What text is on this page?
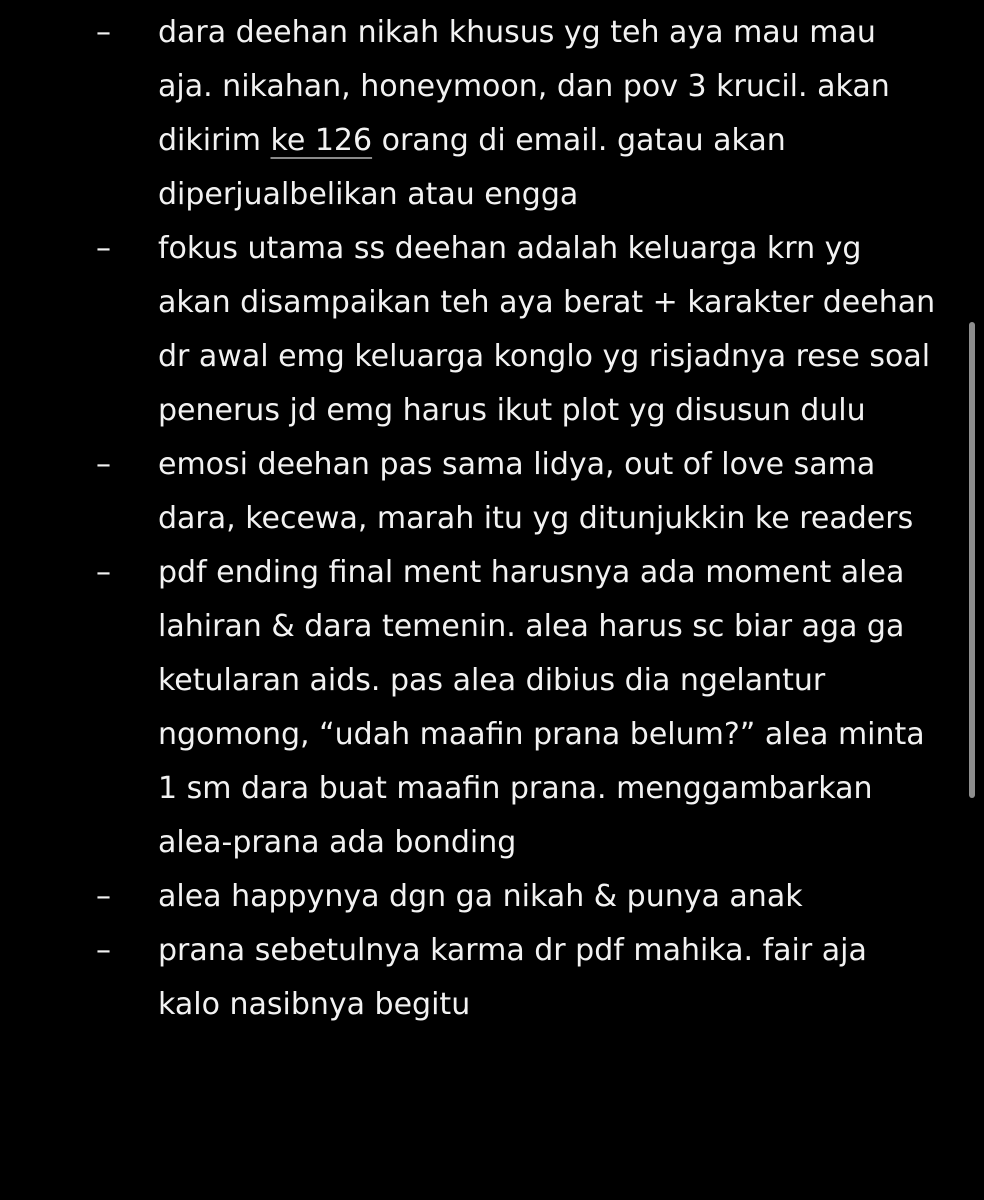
–	dara deehan nikah khusus yg teh aya mau mau aja. nikahan, honeymoon, dan pov 3 krucil. akan dikirim ke 126 orang di email. gatau akan diperjualbelikan atau engga
–	fokus utama ss deehan adalah keluarga krn yg akan disampaikan teh aya berat + karakter deehan dr awal emg keluarga konglo yg risjadnya rese soal penerus jd emg harus ikut plot yg disusun dulu
–	emosi deehan pas sama lidya, out of love sama dara, kecewa, marah itu yg ditunjukkin ke readers
–	pdf ending final ment harusnya ada moment alea lahiran & dara temenin. alea harus sc biar aga ga ketularan aids. pas alea dibius dia ngelantur ngomong, “udah maafin prana belum?” alea minta 1 sm dara buat maafin prana. menggambarkan alea-prana ada bonding
–	alea happynya dgn ga nikah & punya anak
–	prana sebetulnya karma dr pdf mahika. fair aja kalo nasibnya begitu
